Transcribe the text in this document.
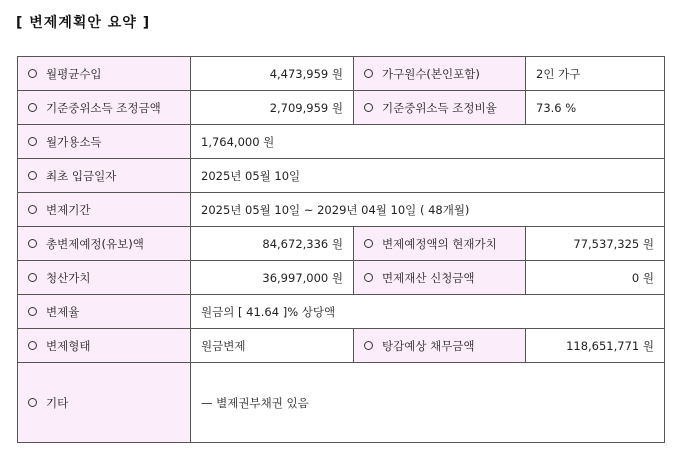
[ 변제계획안 요약 ]
월평균수입	4,473,959 원	가구원수(본인포함)	2인 가구
기준중위소득 조정금액	2,709,959 원	기준중위소득 조정비율	73.6 %
월가용소득	1,764,000 원		
최초 입금일자	2025년 05월 10일		
변제기간	2025년 05월 10일 ~ 2029년 04월 10일 ( 48개월)		
총변제예정(유보)액	84,672,336 원	변제예정액의 현재가치	77,537,325 원
청산가치	36,997,000 원	면제재산 신청금액	0 원
변제율	원금의 [ 41.64 ]% 상당액		
변제형태	원금변제	탕감예상 채무금액	118,651,771 원
기타	— 별제권부채권 있음		
